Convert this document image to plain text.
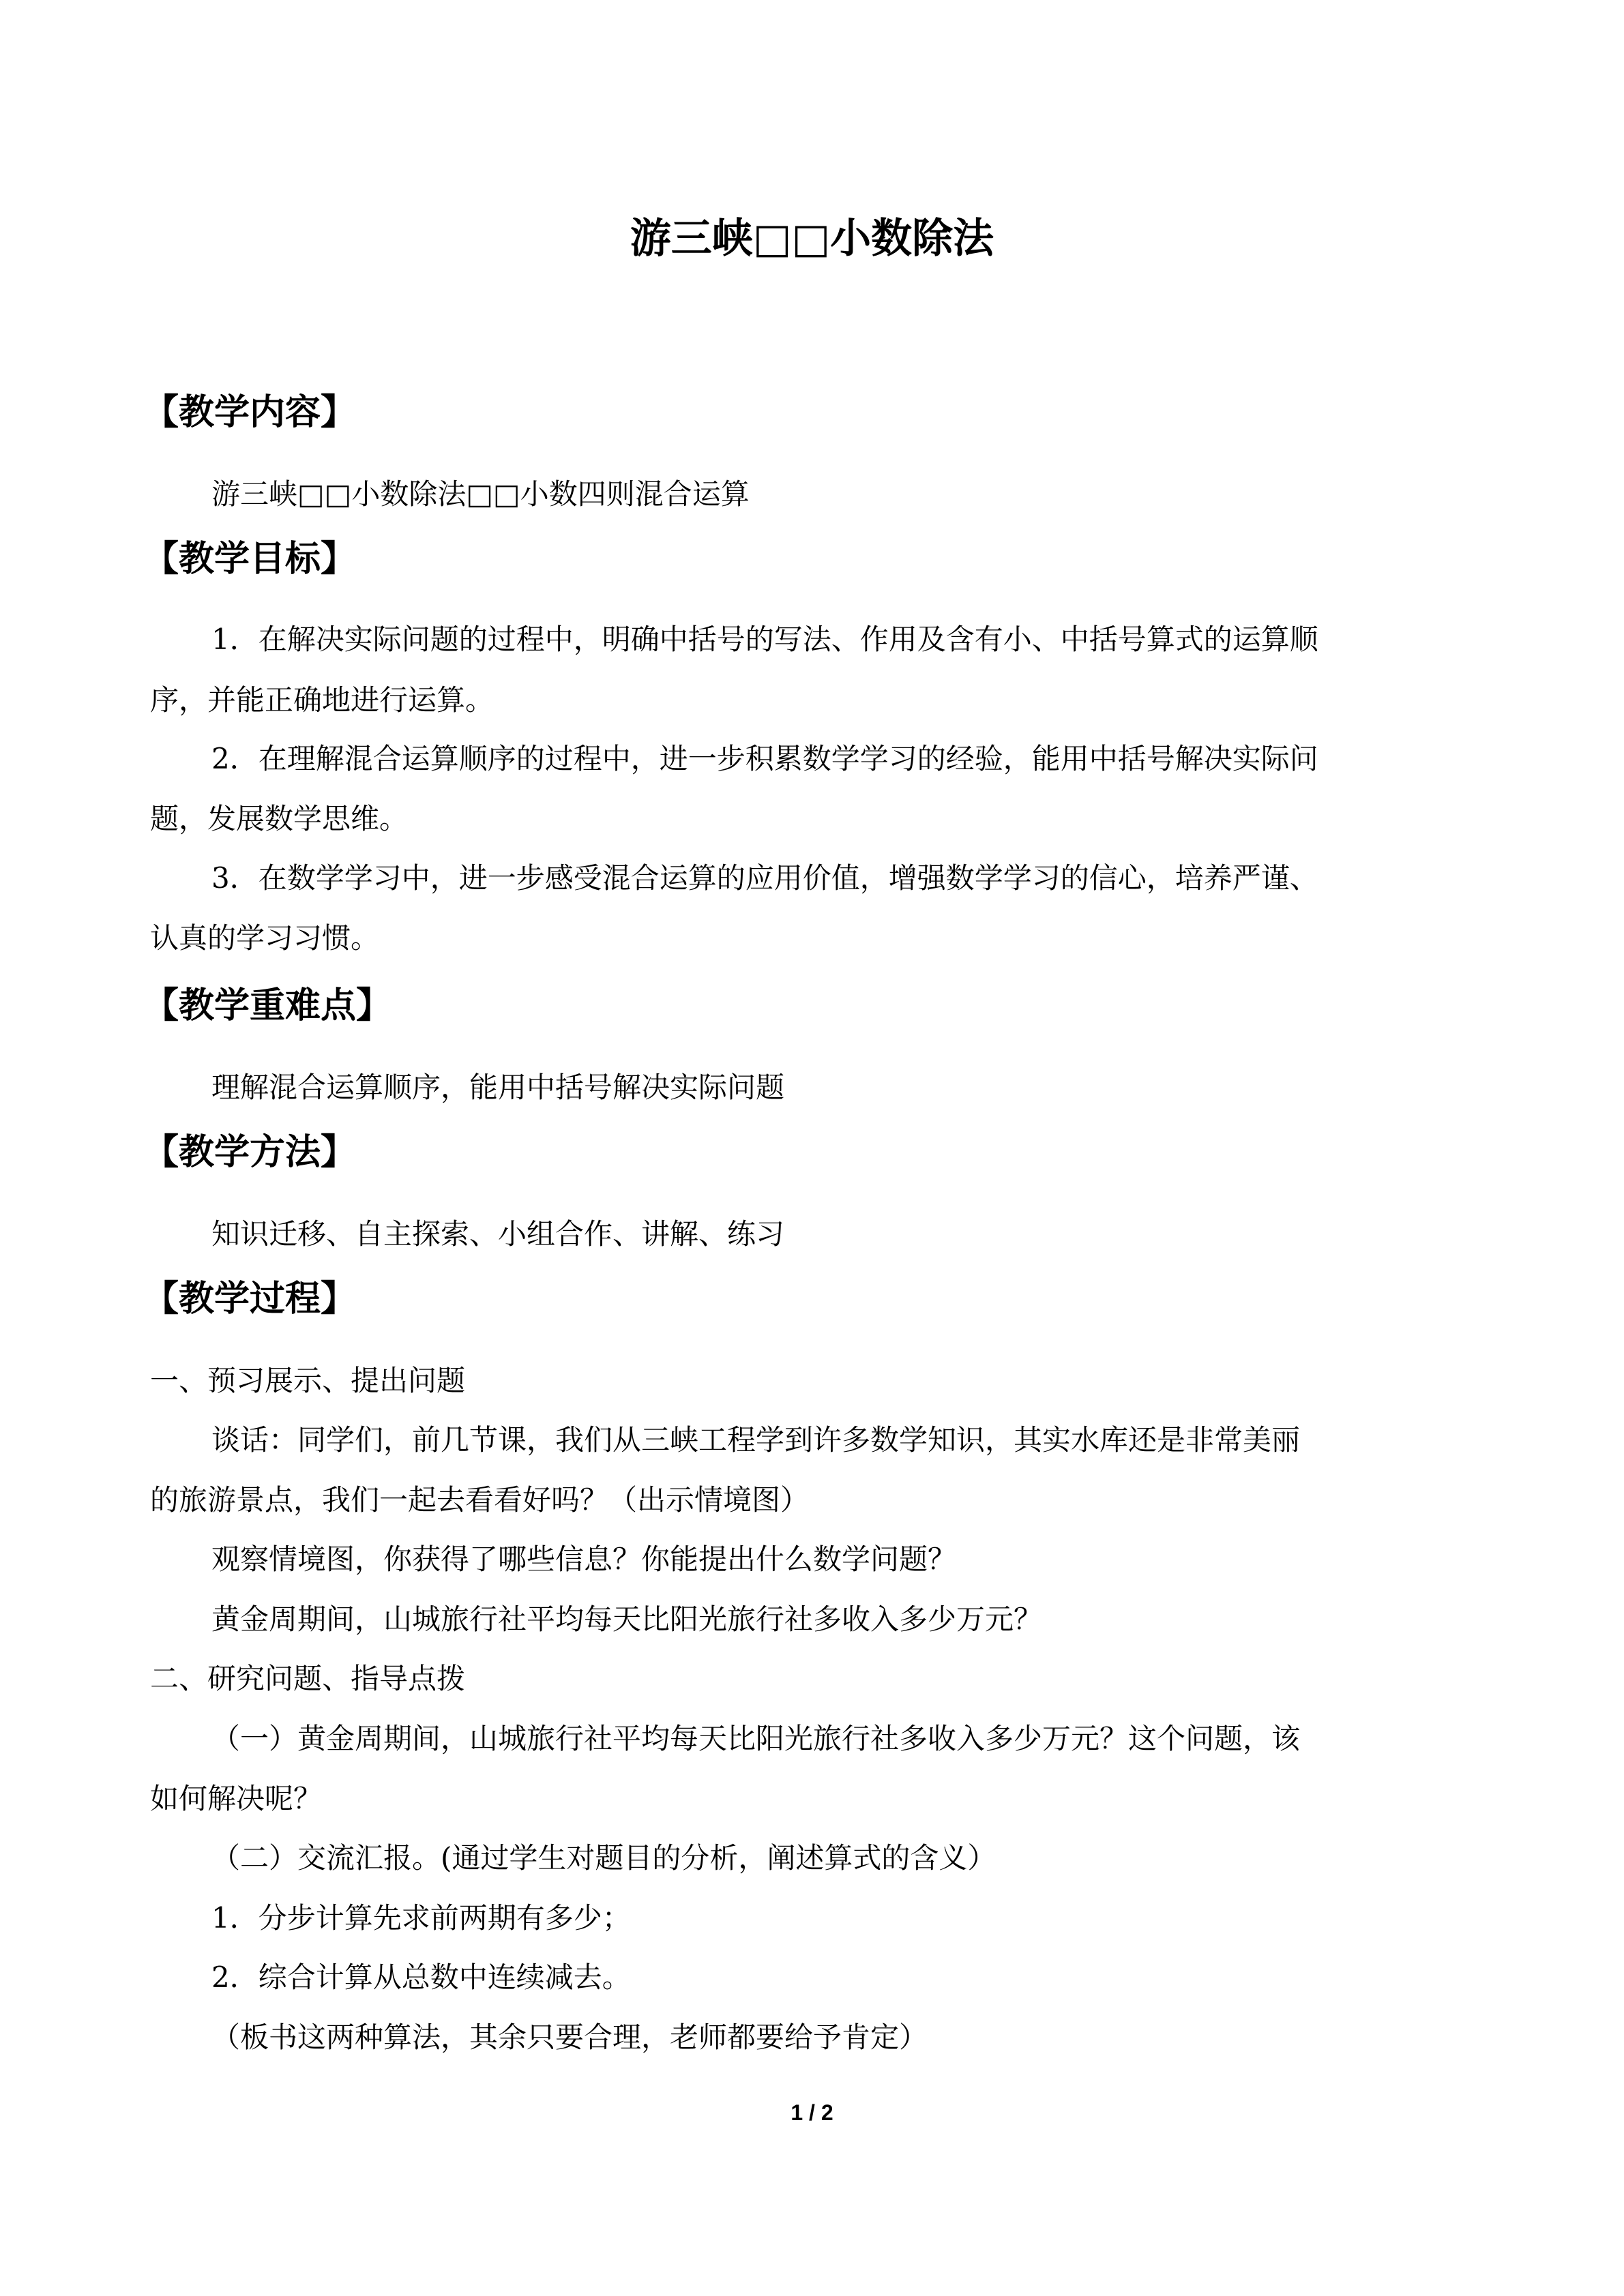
游三峡□□小数除法
【教学内容】
游三峡□□小数除法□□小数四则混合运算
【教学目标】
1．在解决实际问题的过程中，明确中括号的写法、作用及含有小、中括号算式的运算顺
序，并能正确地进行运算。
2．在理解混合运算顺序的过程中，进一步积累数学学习的经验，能用中括号解决实际问
题，发展数学思维。
3．在数学学习中，进一步感受混合运算的应用价值，增强数学学习的信心，培养严谨、
认真的学习习惯。
【教学重难点】
理解混合运算顺序，能用中括号解决实际问题
【教学方法】
知识迁移、自主探索、小组合作、讲解、练习
【教学过程】
一、预习展示、提出问题
谈话：同学们，前几节课，我们从三峡工程学到许多数学知识，其实水库还是非常美丽
的旅游景点，我们一起去看看好吗？（出示情境图）
观察情境图，你获得了哪些信息？你能提出什么数学问题？
黄金周期间，山城旅行社平均每天比阳光旅行社多收入多少万元？
二、研究问题、指导点拨
（一）黄金周期间，山城旅行社平均每天比阳光旅行社多收入多少万元？这个问题，该
如何解决呢？
（二）交流汇报。(通过学生对题目的分析，阐述算式的含义）
1．分步计算先求前两期有多少；
2．综合计算从总数中连续减去。
（板书这两种算法，其余只要合理，老师都要给予肯定）
1 / 2
